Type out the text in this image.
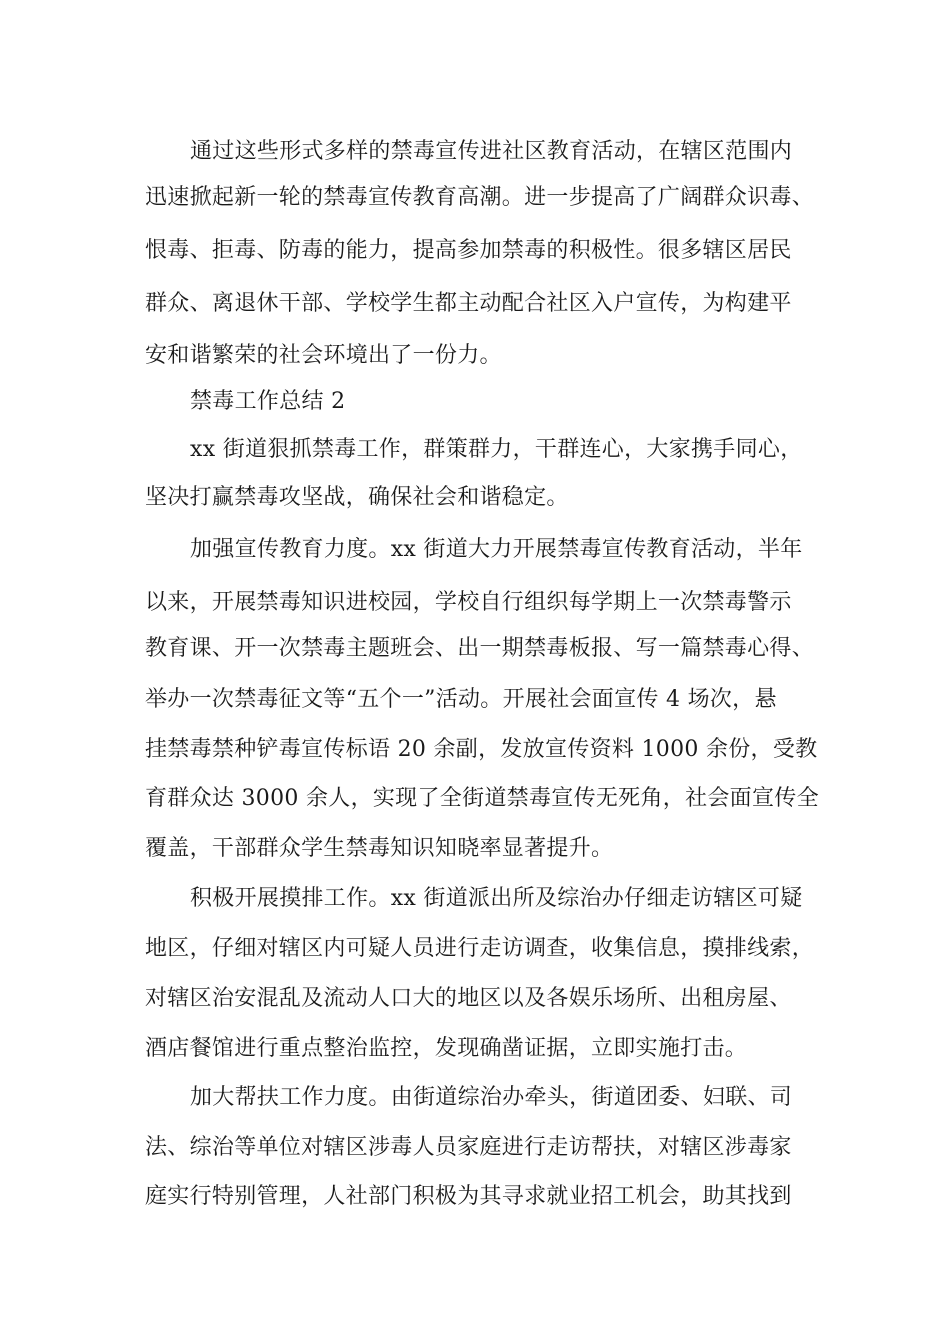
通过这些形式多样的禁毒宣传进社区教育活动，在辖区范围内

迅速掀起新一轮的禁毒宣传教育高潮。进一步提高了广阔群众识毒、

恨毒、拒毒、防毒的能力，提高参加禁毒的积极性。很多辖区居民

群众、离退休干部、学校学生都主动配合社区入户宣传，为构建平

安和谐繁荣的社会环境出了一份力。

禁毒工作总结 2

xx 街道狠抓禁毒工作，群策群力，干群连心，大家携手同心，

坚决打赢禁毒攻坚战，确保社会和谐稳定。

加强宣传教育力度。xx 街道大力开展禁毒宣传教育活动，半年

以来，开展禁毒知识进校园，学校自行组织每学期上一次禁毒警示

教育课、开一次禁毒主题班会、出一期禁毒板报、写一篇禁毒心得、

举办一次禁毒征文等“五个一”活动。开展社会面宣传 4 场次，悬

挂禁毒禁种铲毒宣传标语 20 余副，发放宣传资料 1000 余份，受教

育群众达 3000 余人，实现了全街道禁毒宣传无死角，社会面宣传全

覆盖，干部群众学生禁毒知识知晓率显著提升。

积极开展摸排工作。xx 街道派出所及综治办仔细走访辖区可疑

地区，仔细对辖区内可疑人员进行走访调查，收集信息，摸排线索，

对辖区治安混乱及流动人口大的地区以及各娱乐场所、出租房屋、

酒店餐馆进行重点整治监控，发现确凿证据，立即实施打击。

加大帮扶工作力度。由街道综治办牵头，街道团委、妇联、司

法、综治等单位对辖区涉毒人员家庭进行走访帮扶，对辖区涉毒家

庭实行特别管理，人社部门积极为其寻求就业招工机会，助其找到
